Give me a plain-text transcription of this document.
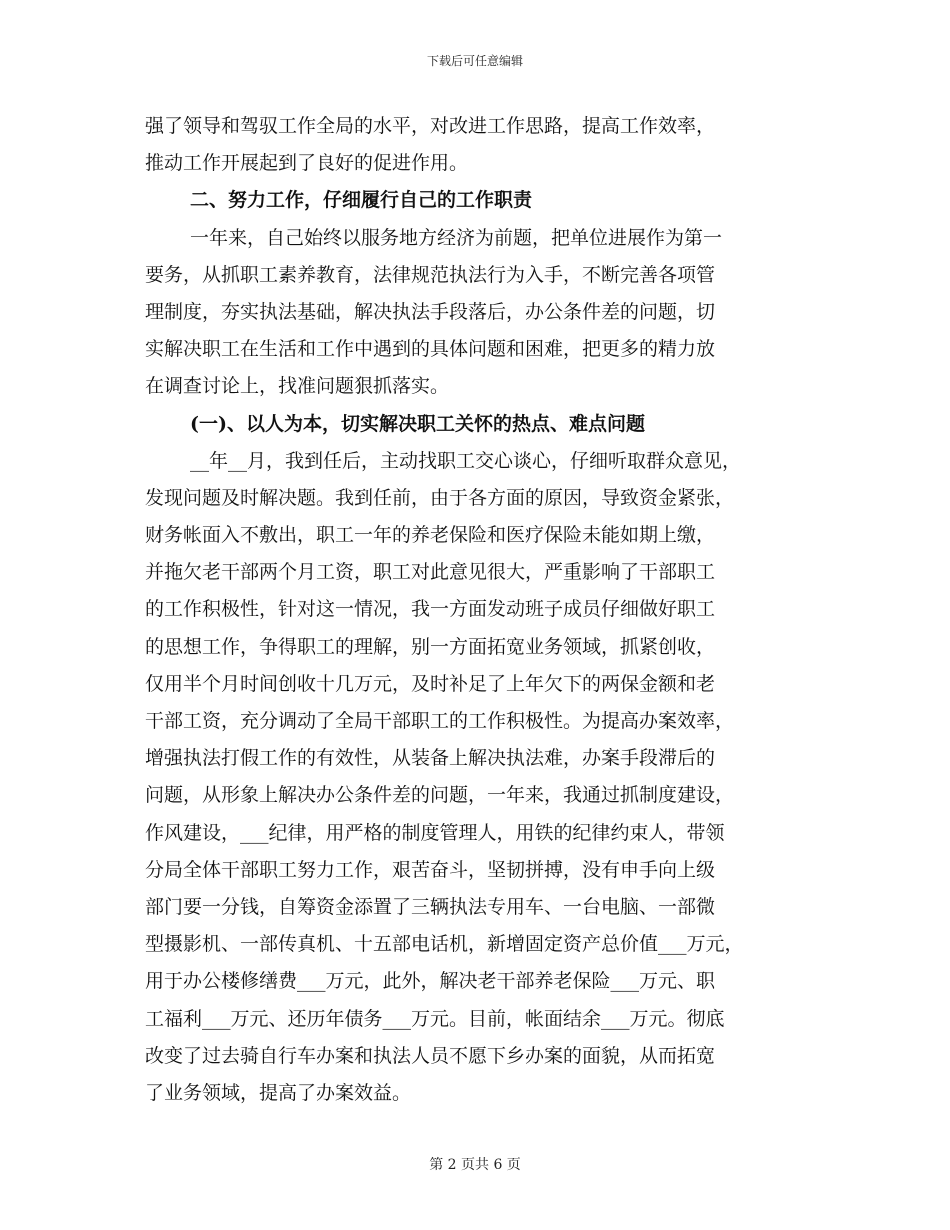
下载后可任意编辑
强了领导和驾驭工作全局的水平，对改进工作思路，提高工作效率，
推动工作开展起到了良好的促进作用。
二、努力工作，仔细履行自己的工作职责
一年来，自己始终以服务地方经济为前题，把单位进展作为第一
要务，从抓职工素养教育，法律规范执法行为入手，不断完善各项管
理制度，夯实执法基础，解决执法手段落后，办公条件差的问题，切
实解决职工在生活和工作中遇到的具体问题和困难，把更多的精力放
在调查讨论上，找准问题狠抓落实。
(一)、以人为本，切实解决职工关怀的热点、难点问题
__年__月，我到任后，主动找职工交心谈心，仔细听取群众意见，
发现问题及时解决题。我到任前，由于各方面的原因，导致资金紧张，
财务帐面入不敷出，职工一年的养老保险和医疗保险未能如期上缴，
并拖欠老干部两个月工资，职工对此意见很大，严重影响了干部职工
的工作积极性，针对这一情况，我一方面发动班子成员仔细做好职工
的思想工作，争得职工的理解，别一方面拓宽业务领域，抓紧创收，
仅用半个月时间创收十几万元，及时补足了上年欠下的两保金额和老
干部工资，充分调动了全局干部职工的工作积极性。为提高办案效率，
增强执法打假工作的有效性，从装备上解决执法难，办案手段滞后的
问题，从形象上解决办公条件差的问题，一年来，我通过抓制度建设，
作风建设，___纪律，用严格的制度管理人，用铁的纪律约束人，带领
分局全体干部职工努力工作，艰苦奋斗，坚韧拼搏，没有申手向上级
部门要一分钱，自筹资金添置了三辆执法专用车、一台电脑、一部微
型摄影机、一部传真机、十五部电话机，新增固定资产总价值___万元，
用于办公楼修缮费___万元，此外，解决老干部养老保险___万元、职
工福利___万元、还历年债务___万元。目前，帐面结余___万元。彻底
改变了过去骑自行车办案和执法人员不愿下乡办案的面貌，从而拓宽
了业务领域，提高了办案效益。
第 2 页共 6 页
